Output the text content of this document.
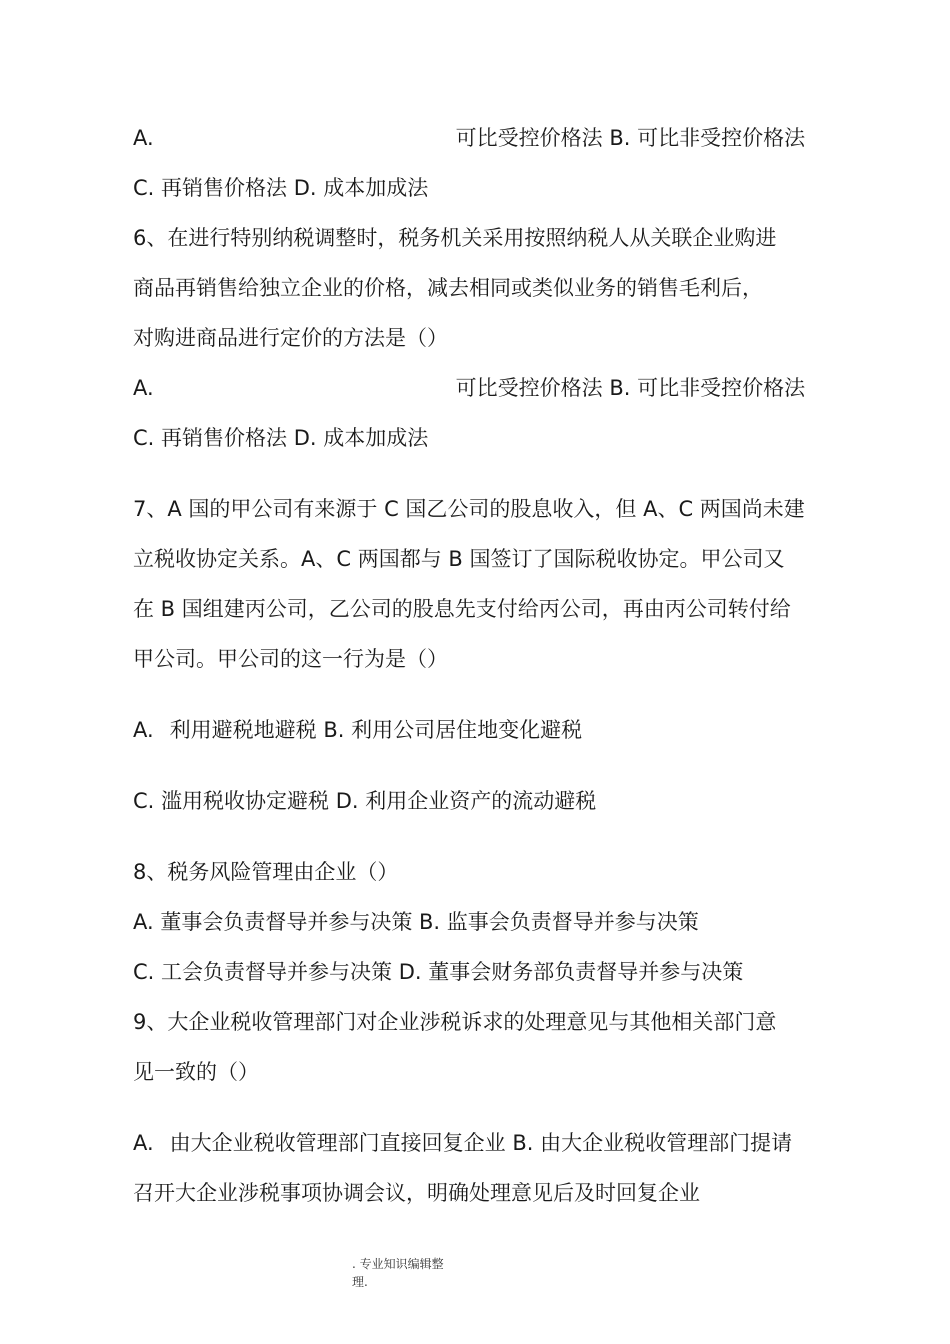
A.	可比受控价格法 B. 可比非受控价格法
C. 再销售价格法 D. 成本加成法
6、在进行特别纳税调整时，税务机关采用按照纳税人从关联企业购进
商品再销售给独立企业的价格，减去相同或类似业务的销售毛利后，
对购进商品进行定价的方法是（）
A.	可比受控价格法 B. 可比非受控价格法
C. 再销售价格法 D. 成本加成法
7、A 国的甲公司有来源于 C 国乙公司的股息收入，但 A、C 两国尚未建
立税收协定关系。A、C 两国都与 B 国签订了国际税收协定。甲公司又
在 B 国组建丙公司，乙公司的股息先支付给丙公司，再由丙公司转付给
甲公司。甲公司的这一行为是（）
A. 利用避税地避税 B. 利用公司居住地变化避税
C. 滥用税收协定避税 D. 利用企业资产的流动避税
8、税务风险管理由企业（）
A. 董事会负责督导并参与决策 B. 监事会负责督导并参与决策
C. 工会负责督导并参与决策 D. 董事会财务部负责督导并参与决策
9、大企业税收管理部门对企业涉税诉求的处理意见与其他相关部门意
见一致的（）
A. 由大企业税收管理部门直接回复企业 B. 由大企业税收管理部门提请
召开大企业涉税事项协调会议，明确处理意见后及时回复企业
. 专业知识编辑整
理.
